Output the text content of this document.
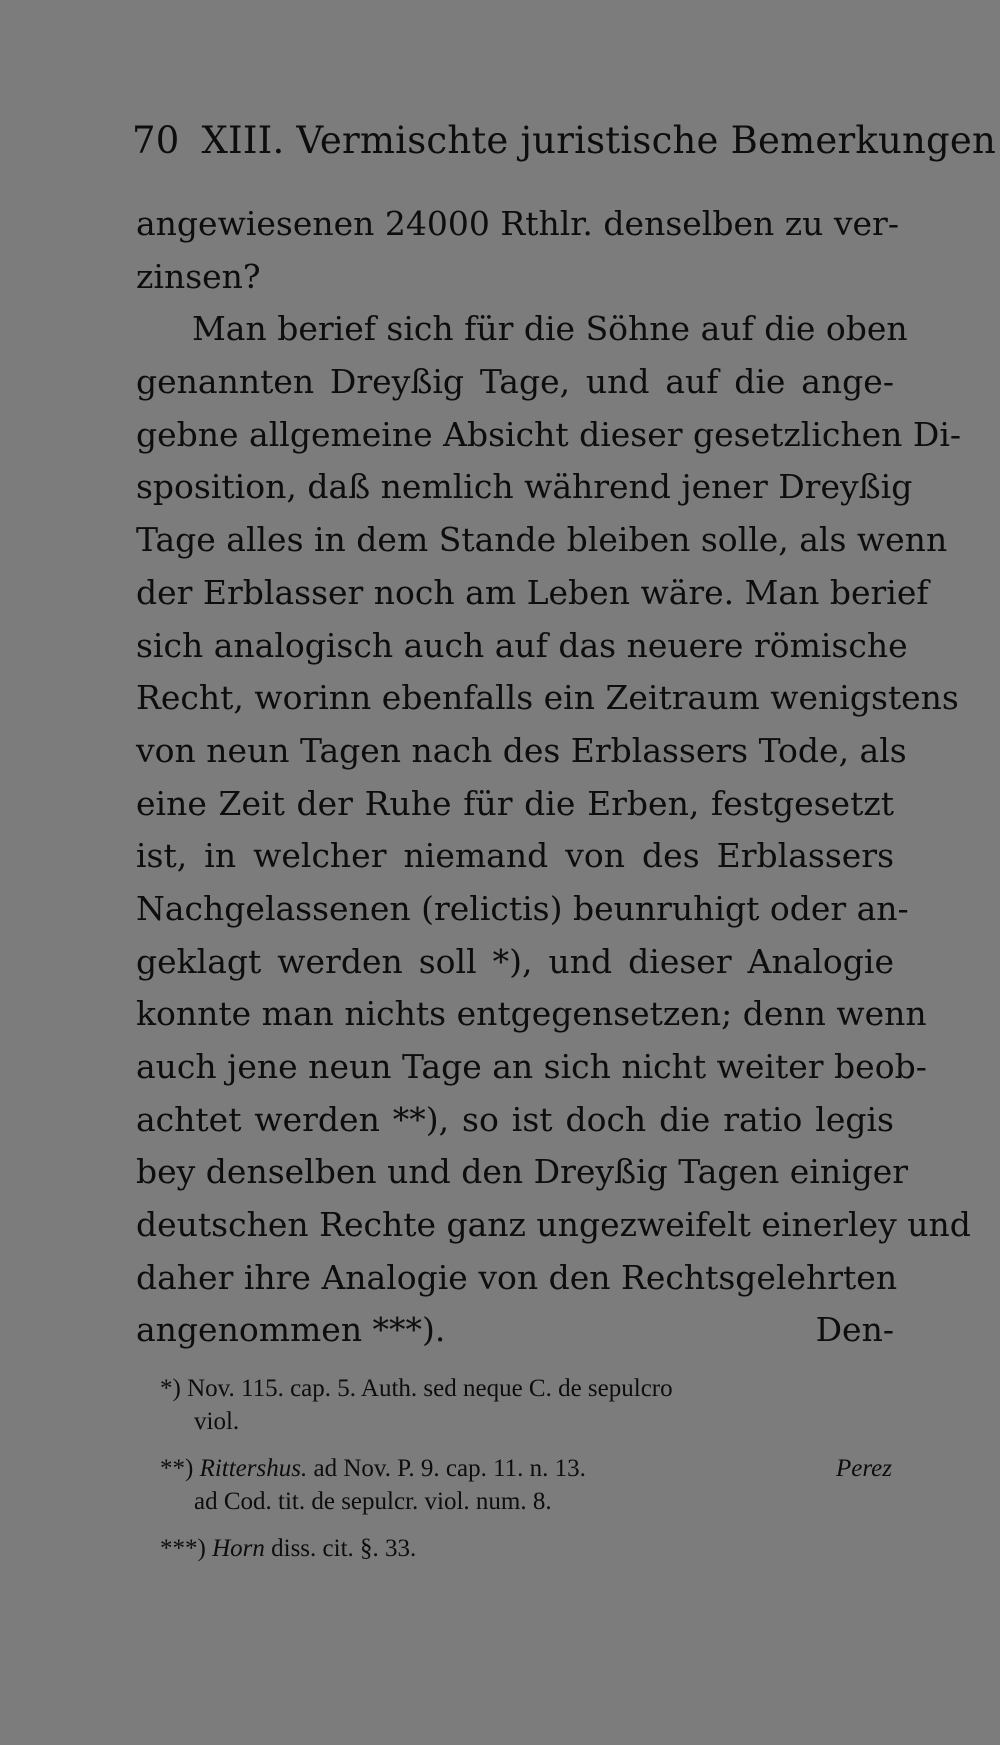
70 XIII. Vermischte juristische Bemerkungen
angewiesenen 24000 Rthlr. denselben zu ver-
zinsen?
Man berief sich für die Söhne auf die oben
genannten Dreyßig Tage, und auf die ange-
gebne allgemeine Absicht dieser gesetzlichen Di-
sposition, daß nemlich während jener Dreyßig
Tage alles in dem Stande bleiben solle, als wenn
der Erblasser noch am Leben wäre. Man berief
sich analogisch auch auf das neuere römische
Recht, worinn ebenfalls ein Zeitraum wenigstens
von neun Tagen nach des Erblassers Tode, als
eine Zeit der Ruhe für die Erben, festgesetzt
ist, in welcher niemand von des Erblassers
Nachgelassenen (relictis) beunruhigt oder an-
geklagt werden soll *), und dieser Analogie
konnte man nichts entgegensetzen; denn wenn
auch jene neun Tage an sich nicht weiter beob-
achtet werden **), so ist doch die ratio legis
bey denselben und den Dreyßig Tagen einiger
deutschen Rechte ganz ungezweifelt einerley und
daher ihre Analogie von den Rechtsgelehrten
angenommen ***).	Den-
*) Nov. 115. cap. 5. Auth. sed neque C. de sepulcro
viol.
**) Rittershus. ad Nov. P. 9. cap. 11. n. 13.	Perez
ad Cod. tit. de sepulcr. viol. num. 8.
***) Horn diss. cit. §. 33.
